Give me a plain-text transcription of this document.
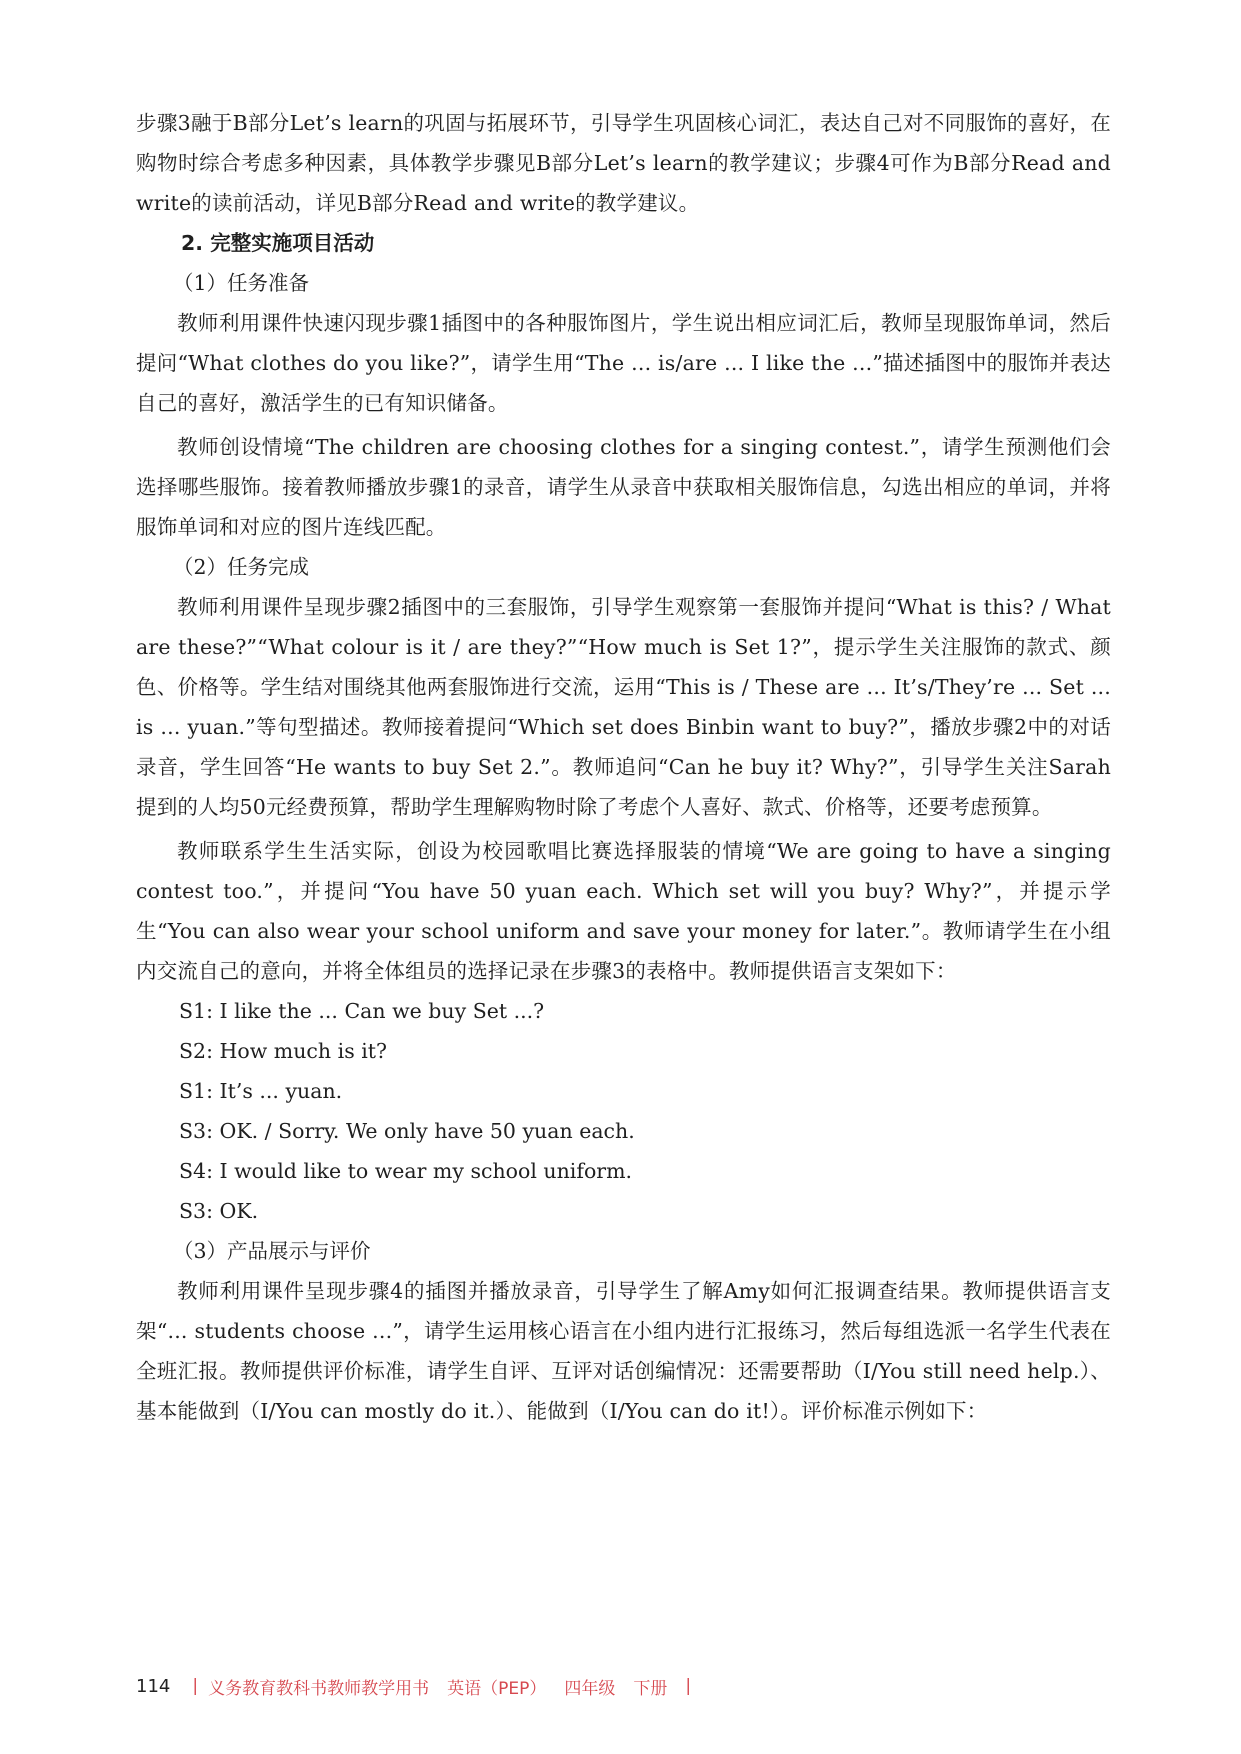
步骤3融于B部分Let’s learn的巩固与拓展环节，引导学生巩固核心词汇，表达自己对不同服饰的喜好，在购物时综合考虑多种因素，具体教学步骤见B部分Let’s learn的教学建议；步骤4可作为B部分Read and write的读前活动，详见B部分Read and write的教学建议。

2. 完整实施项目活动

（1）任务准备

教师利用课件快速闪现步骤1插图中的各种服饰图片，学生说出相应词汇后，教师呈现服饰单词，然后提问“What clothes do you like?”，请学生用“The ... is/are ... I like the ...”描述插图中的服饰并表达自己的喜好，激活学生的已有知识储备。

教师创设情境“The children are choosing clothes for a singing contest.”，请学生预测他们会选择哪些服饰。接着教师播放步骤1的录音，请学生从录音中获取相关服饰信息，勾选出相应的单词，并将服饰单词和对应的图片连线匹配。

（2）任务完成

教师利用课件呈现步骤2插图中的三套服饰，引导学生观察第一套服饰并提问“What is this? / What are these?”“What colour is it / are they?”“How much is Set 1?”，提示学生关注服饰的款式、颜色、价格等。学生结对围绕其他两套服饰进行交流，运用“This is / These are ... It’s/They’re ... Set ... is ... yuan.”等句型描述。教师接着提问“Which set does Binbin want to buy?”，播放步骤2中的对话录音，学生回答“He wants to buy Set 2.”。教师追问“Can he buy it? Why?”，引导学生关注Sarah提到的人均50元经费预算，帮助学生理解购物时除了考虑个人喜好、款式、价格等，还要考虑预算。

教师联系学生生活实际，创设为校园歌唱比赛选择服装的情境“We are going to have a singing contest too.”，并提问“You have 50 yuan each. Which set will you buy? Why?”，并提示学生“You can also wear your school uniform and save your money for later.”。教师请学生在小组内交流自己的意向，并将全体组员的选择记录在步骤3的表格中。教师提供语言支架如下：

S1: I like the ... Can we buy Set ...?

S2: How much is it?

S1: It’s ... yuan.

S3: OK. / Sorry. We only have 50 yuan each.

S4: I would like to wear my school uniform.

S3: OK.

（3）产品展示与评价

教师利用课件呈现步骤4的插图并播放录音，引导学生了解Amy如何汇报调查结果。教师提供语言支架“... students choose ...”，请学生运用核心语言在小组内进行汇报练习，然后每组选派一名学生代表在全班汇报。教师提供评价标准，请学生自评、互评对话创编情况：还需要帮助（I/You still need help.）、基本能做到（I/You can mostly do it.）、能做到（I/You can do it!）。评价标准示例如下：

114 | 义务教育教科书教师教学用书 英语（PEP） 四年级 下册 |
